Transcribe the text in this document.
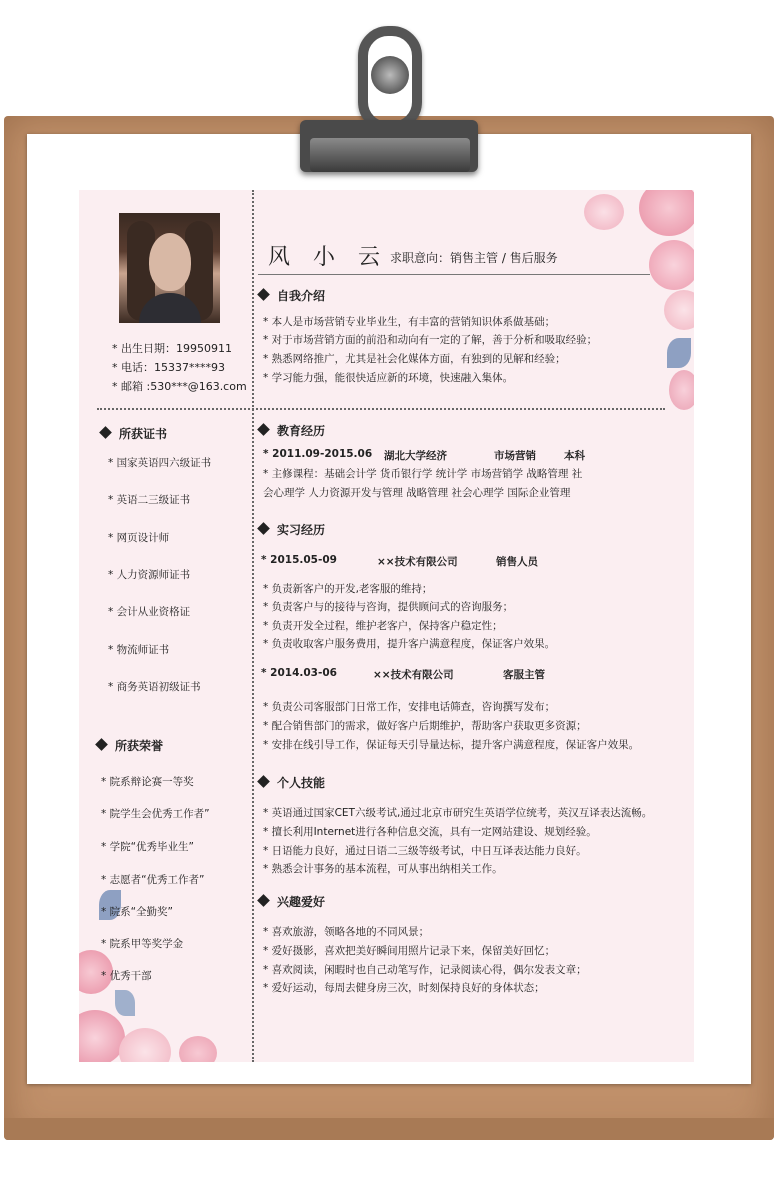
* 出生日期：19950911
* 电话：15337****93
* 邮箱 :530***@163.com
风 小 云 求职意向：销售主管 / 售后服务
所获证书
* 国家英语四六级证书
* 英语二三级证书
* 网页设计师
* 人力资源师证书
* 会计从业资格证
* 物流师证书
* 商务英语初级证书
所获荣誉
* 院系辩论赛一等奖
* 院学生会优秀工作者”
* 学院“优秀毕业生”
* 志愿者“优秀工作者”
* 院系“全勤奖”
* 院系甲等奖学金
* 优秀干部
自我介绍
* 本人是市场营销专业毕业生，有丰富的营销知识体系做基础；
* 对于市场营销方面的前沿和动向有一定的了解，善于分析和吸取经验；
* 熟悉网络推广，尤其是社会化媒体方面，有独到的见解和经验；
* 学习能力强，能很快适应新的环境，快速融入集体。
教育经历
* 2011.09-2015.06 湖北大学经济	市场营销	本科
* 主修课程：基础会计学 货币银行学 统计学 市场营销学 战略管理 社
会心理学 人力资源开发与管理 战略管理 社会心理学 国际企业管理
实习经历
* 2015.05-09	××技术有限公司	销售人员
* 负责新客户的开发,老客服的维持；
* 负责客户与的接待与咨询，提供顾问式的咨询服务；
* 负责开发全过程，维护老客户，保持客户稳定性；
* 负责收取客户服务费用，提升客户满意程度，保证客户效果。
* 2014.03-06	××技术有限公司	客服主管
* 负责公司客服部门日常工作，安排电话筛查，咨询撰写发布；
* 配合销售部门的需求，做好客户后期维护，帮助客户获取更多资源；
* 安排在线引导工作，保证每天引导量达标，提升客户满意程度，保证客户效果。
个人技能
* 英语通过国家CET六级考试,通过北京市研究生英语学位统考，英汉互译表达流畅。
* 擅长利用Internet进行各种信息交流，具有一定网站建设、规划经验。
* 日语能力良好，通过日语二三级等级考试，中日互译表达能力良好。
* 熟悉会计事务的基本流程，可从事出纳相关工作。
兴趣爱好
* 喜欢旅游，领略各地的不同风景；
* 爱好摄影，喜欢把美好瞬间用照片记录下来，保留美好回忆；
* 喜欢阅读，闲暇时也自己动笔写作，记录阅读心得，偶尔发表文章；
* 爱好运动，每周去健身房三次，时刻保持良好的身体状态；
